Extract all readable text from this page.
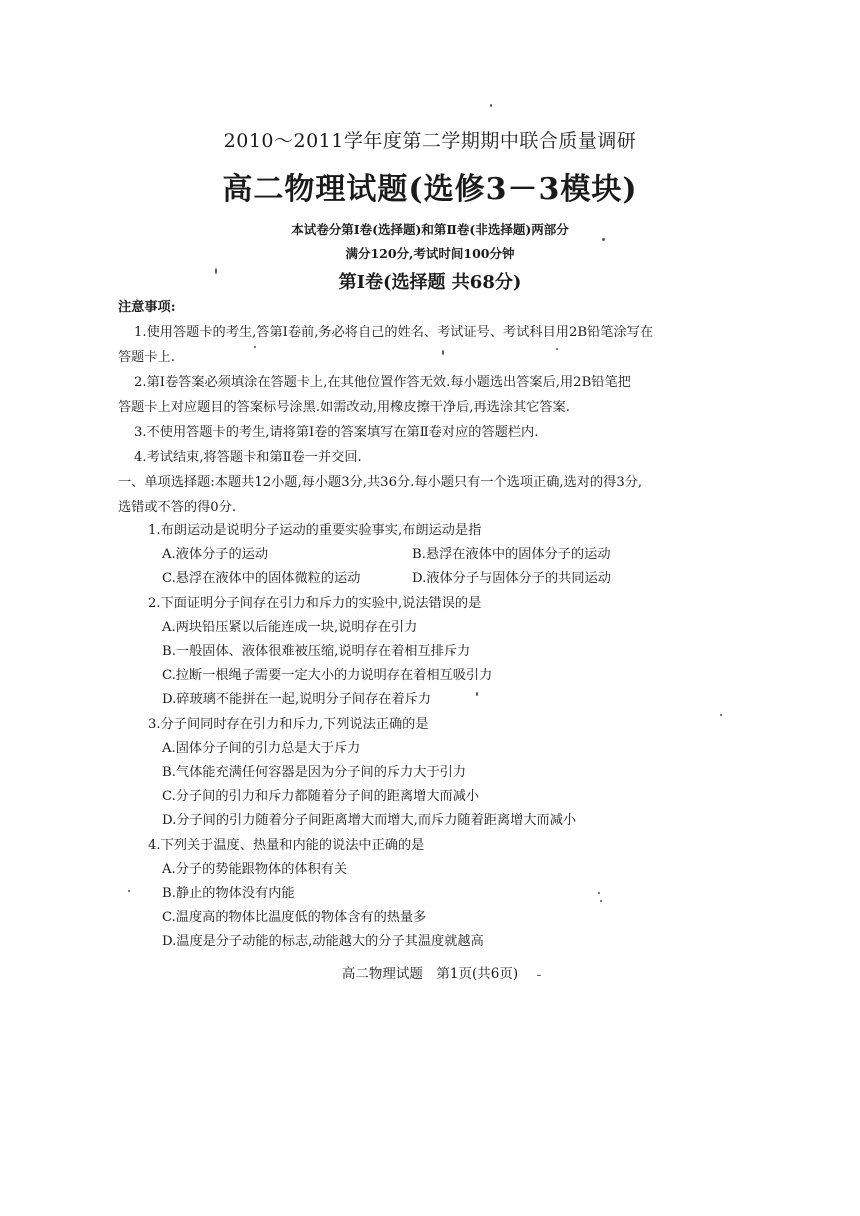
2010～2011学年度第二学期期中联合质量调研
高二物理试题(选修3－3模块)
本试卷分第Ⅰ卷(选择题)和第Ⅱ卷(非选择题)两部分
满分120分,考试时间100分钟
第Ⅰ卷(选择题 共68分)
注意事项:
1.使用答题卡的考生,答第Ⅰ卷前,务必将自己的姓名、考试证号、考试科目用2B铅笔涂写在
答题卡上.
2.第Ⅰ卷答案必须填涂在答题卡上,在其他位置作答无效.每小题选出答案后,用2B铅笔把
答题卡上对应题目的答案标号涂黑.如需改动,用橡皮擦干净后,再选涂其它答案.
3.不使用答题卡的考生,请将第Ⅰ卷的答案填写在第Ⅱ卷对应的答题栏内.
4.考试结束,将答题卡和第Ⅱ卷一并交回.
一、单项选择题:本题共12小题,每小题3分,共36分.每小题只有一个选项正确,选对的得3分,
选错或不答的得0分.
1.布朗运动是说明分子运动的重要实验事实,布朗运动是指
A.液体分子的运动	B.悬浮在液体中的固体分子的运动
C.悬浮在液体中的固体微粒的运动	D.液体分子与固体分子的共同运动
2.下面证明分子间存在引力和斥力的实验中,说法错误的是
A.两块铅压紧以后能连成一块,说明存在引力
B.一般固体、液体很难被压缩,说明存在着相互排斥力
C.拉断一根绳子需要一定大小的力说明存在着相互吸引力
D.碎玻璃不能拼在一起,说明分子间存在着斥力
3.分子间同时存在引力和斥力,下列说法正确的是
A.固体分子间的引力总是大于斥力
B.气体能充满任何容器是因为分子间的斥力大于引力
C.分子间的引力和斥力都随着分子间的距离增大而减小
D.分子间的引力随着分子间距离增大而增大,而斥力随着距离增大而减小
4.下列关于温度、热量和内能的说法中正确的是
A.分子的势能跟物体的体积有关
B.静止的物体没有内能
C.温度高的物体比温度低的物体含有的热量多
D.温度是分子动能的标志,动能越大的分子其温度就越高
高二物理试题　第1页(共6页)
